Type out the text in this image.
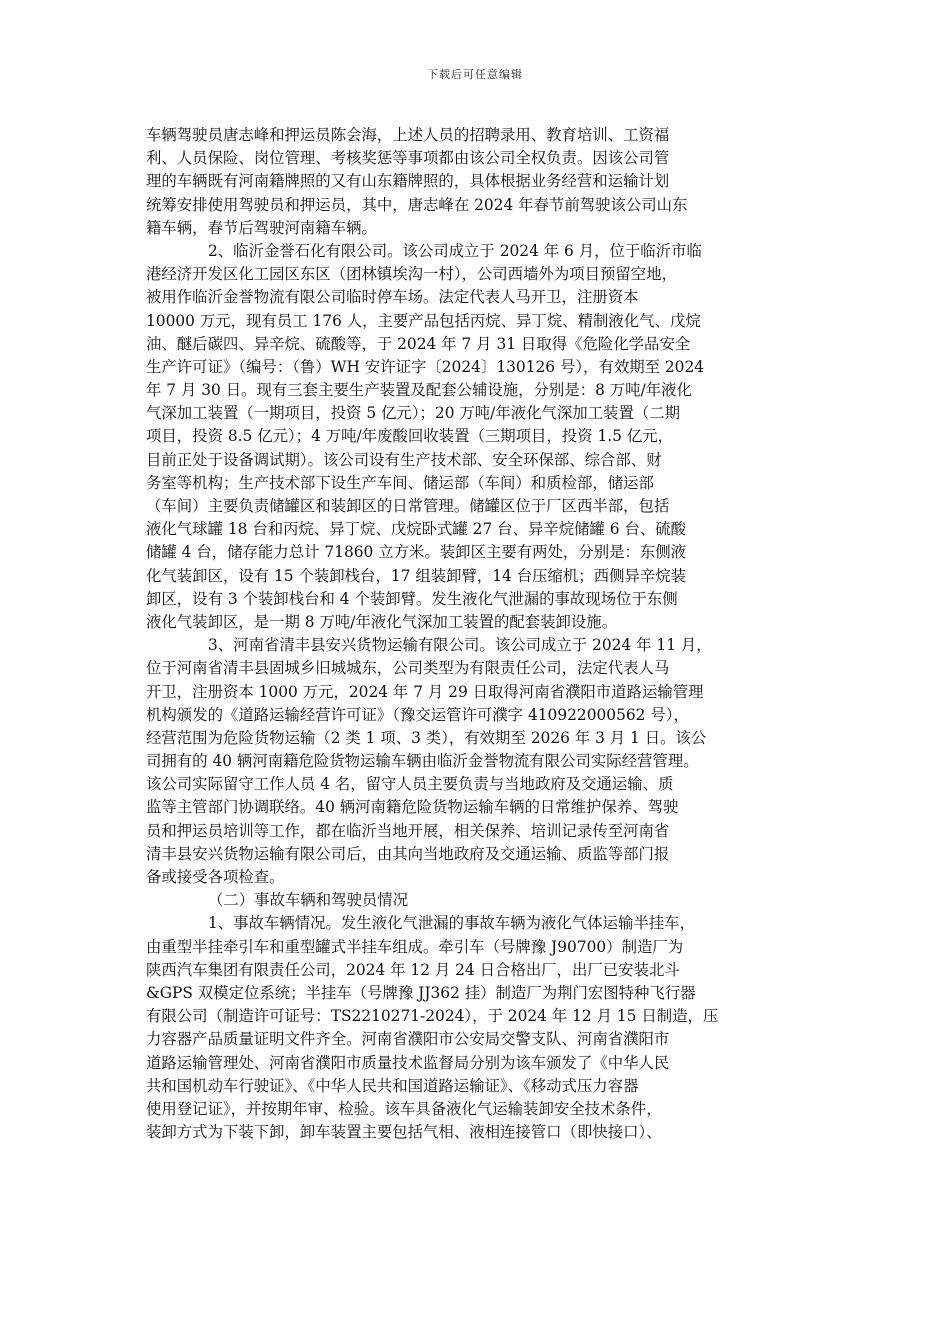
下载后可任意编辑
车辆驾驶员唐志峰和押运员陈会海，上述人员的招聘录用、教育培训、工资福
利、人员保险、岗位管理、考核奖惩等事项都由该公司全权负责。因该公司管
理的车辆既有河南籍牌照的又有山东籍牌照的，具体根据业务经营和运输计划
统筹安排使用驾驶员和押运员，其中，唐志峰在 2024 年春节前驾驶该公司山东
籍车辆，春节后驾驶河南籍车辆。
2、临沂金誉石化有限公司。该公司成立于 2024 年 6 月，位于临沂市临
港经济开发区化工园区东区（团林镇埃沟一村），公司西墙外为项目预留空地，
被用作临沂金誉物流有限公司临时停车场。法定代表人马开卫，注册资本
10000 万元，现有员工 176 人，主要产品包括丙烷、异丁烷、精制液化气、戊烷
油、醚后碳四、异辛烷、硫酸等，于 2024 年 7 月 31 日取得《危险化学品安全
生产许可证》（编号：（鲁）WH 安许证字〔2024〕130126 号），有效期至 2024
年 7 月 30 日。现有三套主要生产装置及配套公辅设施，分别是：8 万吨/年液化
气深加工装置（一期项目，投资 5 亿元）；20 万吨/年液化气深加工装置（二期
项目，投资 8.5 亿元）；4 万吨/年废酸回收装置（三期项目，投资 1.5 亿元，
目前正处于设备调试期）。该公司设有生产技术部、安全环保部、综合部、财
务室等机构；生产技术部下设生产车间、储运部（车间）和质检部，储运部
（车间）主要负责储罐区和装卸区的日常管理。储罐区位于厂区西半部，包括
液化气球罐 18 台和丙烷、异丁烷、戊烷卧式罐 27 台、异辛烷储罐 6 台、硫酸
储罐 4 台，储存能力总计 71860 立方米。装卸区主要有两处，分别是：东侧液
化气装卸区，设有 15 个装卸栈台，17 组装卸臂，14 台压缩机；西侧异辛烷装
卸区，设有 3 个装卸栈台和 4 个装卸臂。发生液化气泄漏的事故现场位于东侧
液化气装卸区，是一期 8 万吨/年液化气深加工装置的配套装卸设施。
3、河南省清丰县安兴货物运输有限公司。该公司成立于 2024 年 11 月，
位于河南省清丰县固城乡旧城城东，公司类型为有限责任公司，法定代表人马
开卫，注册资本 1000 万元，2024 年 7 月 29 日取得河南省濮阳市道路运输管理
机构颁发的《道路运输经营许可证》（豫交运管许可濮字 410922000562 号），
经营范围为危险货物运输（2 类 1 项、3 类），有效期至 2026 年 3 月 1 日。该公
司拥有的 40 辆河南籍危险货物运输车辆由临沂金誉物流有限公司实际经营管理。
该公司实际留守工作人员 4 名，留守人员主要负责与当地政府及交通运输、质
监等主管部门协调联络。40 辆河南籍危险货物运输车辆的日常维护保养、驾驶
员和押运员培训等工作，都在临沂当地开展，相关保养、培训记录传至河南省
清丰县安兴货物运输有限公司后，由其向当地政府及交通运输、质监等部门报
备或接受各项检查。
（二）事故车辆和驾驶员情况
1、事故车辆情况。发生液化气泄漏的事故车辆为液化气体运输半挂车，
由重型半挂牵引车和重型罐式半挂车组成。牵引车（号牌豫 J90700）制造厂为
陕西汽车集团有限责任公司，2024 年 12 月 24 日合格出厂，出厂已安装北斗
&GPS 双模定位系统；半挂车（号牌豫 JJ362 挂）制造厂为荆门宏图特种飞行器
有限公司（制造许可证号：TS2210271-2024），于 2024 年 12 月 15 日制造，压
力容器产品质量证明文件齐全。河南省濮阳市公安局交警支队、河南省濮阳市
道路运输管理处、河南省濮阳市质量技术监督局分别为该车颁发了《中华人民
共和国机动车行驶证》、《中华人民共和国道路运输证》、《移动式压力容器
使用登记证》，并按期年审、检验。该车具备液化气运输装卸安全技术条件，
装卸方式为下装下卸，卸车装置主要包括气相、液相连接管口（即快接口）、
